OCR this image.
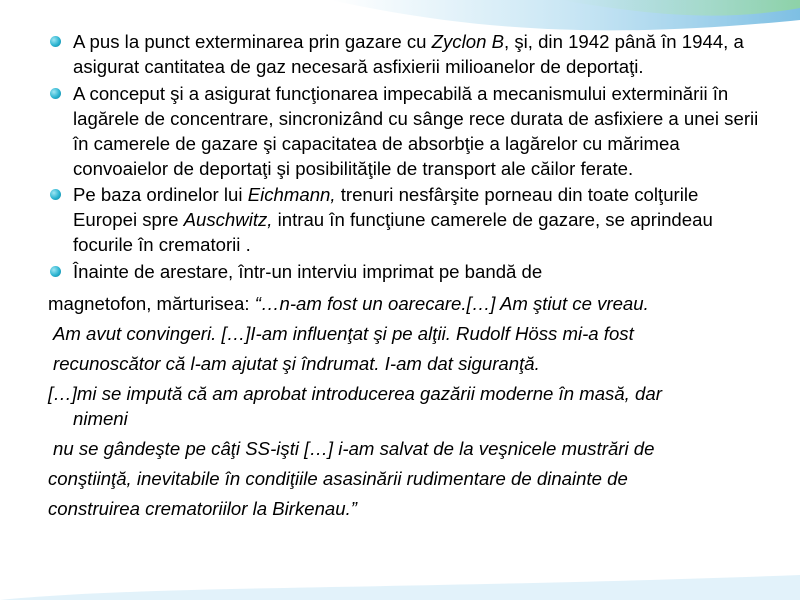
A pus la punct exterminarea prin gazare cu Zyclon B, şi, din 1942 până în 1944, a asigurat cantitatea de gaz necesară asfixierii milioanelor de deportaţi.
A conceput şi a asigurat funcţionarea impecabilă a mecanismului exterminării în lagărele de concentrare, sincronizând cu sânge rece durata de asfixiere a unei serii în camerele de gazare şi capacitatea de absorbţie a lagărelor cu mărimea convoaielor de deportaţi şi posibilităţile de transport ale căilor ferate.
Pe baza ordinelor lui Eichmann, trenuri nesfârşite porneau din toate colţurile Europei spre Auschwitz, intrau în funcţiune camerele de gazare, se aprindeau focurile în crematorii .
Înainte de arestare, într-un interviu imprimat pe bandă de
magnetofon, mărturisea: “…n-am fost un oarecare.[…] Am ştiut ce vreau.
Am avut convingeri. […]I-am influenţat şi pe alţii. Rudolf Höss mi-a fost
recunoscător că l-am ajutat şi îndrumat. I-am dat siguranţă.
[…]mi se impută că am aprobat introducerea gazării moderne în masă, dar
nimeni
nu se gândeşte pe câţi SS-işti […] i-am salvat de la veşnicele mustrări de
conştiinţă, inevitabile în condiţiile asasinării rudimentare de dinainte de
construirea crematoriilor la Birkenau.”
